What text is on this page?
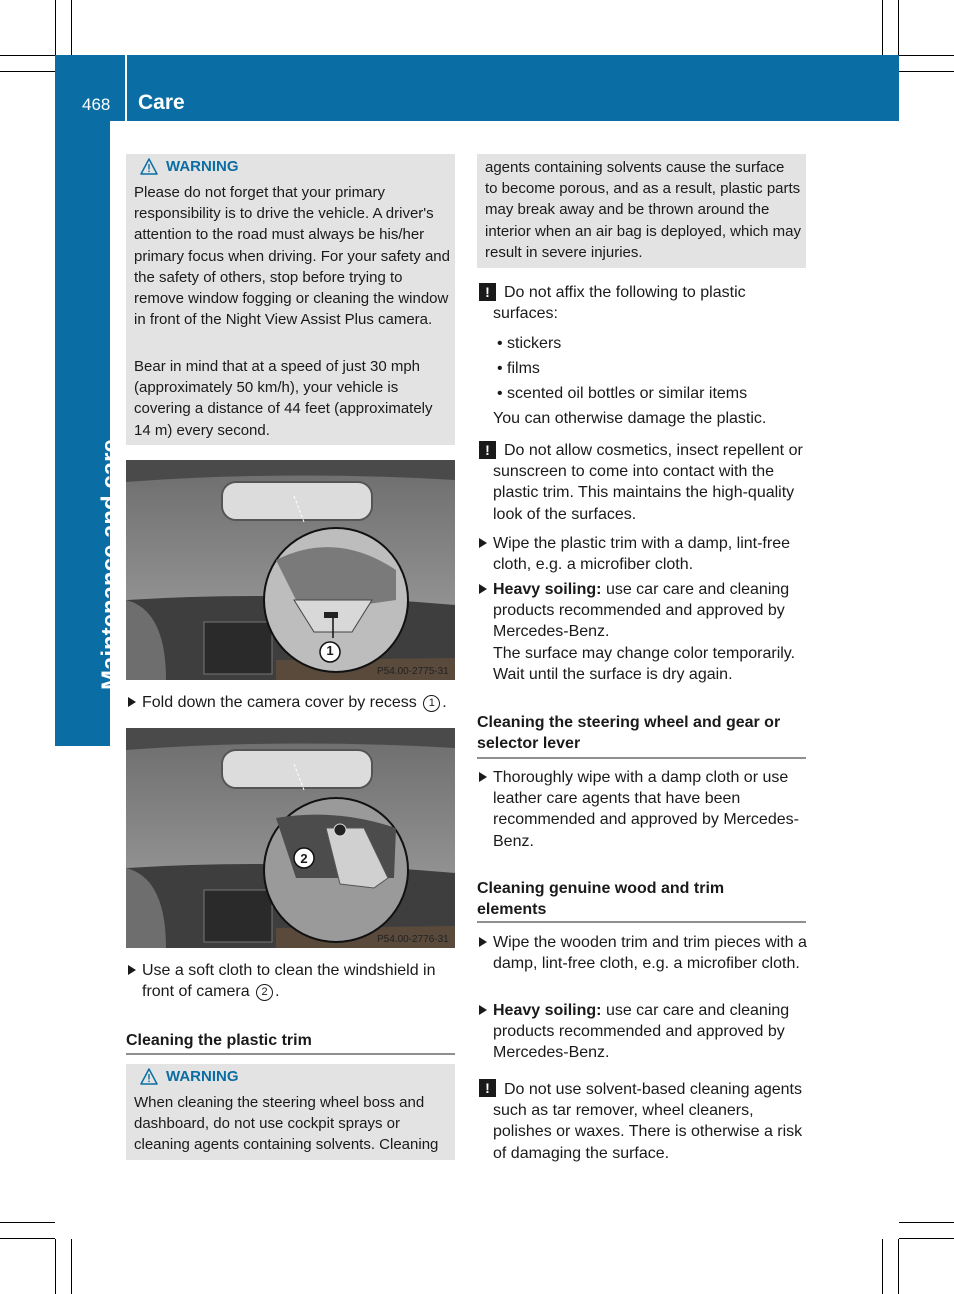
468 Care
Maintenance and care
WARNING

Please do not forget that your primary responsibility is to drive the vehicle. A driver's attention to the road must always be his/her primary focus when driving. For your safety and the safety of others, stop before trying to remove window fogging or cleaning the window in front of the Night View Assist Plus camera.

Bear in mind that at a speed of just 30 mph (approximately 50 km/h), your vehicle is covering a distance of 44 feet (approximately 14 m) every second.

P54.00-2775-31
1

Fold down the camera cover by recess 1 .

P54.00-2776-31
2

Use a soft cloth to clean the windshield in front of camera 2 .

Cleaning the plastic trim
WARNING

When cleaning the steering wheel boss and dashboard, do not use cockpit sprays or cleaning agents containing solvents. Cleaning

agents containing solvents cause the surface to become porous, and as a result, plastic parts may break away and be thrown around the interior when an air bag is deployed, which may result in severe injuries.

! Do not affix the following to plastic surfaces:

• stickers

• films

• scented oil bottles or similar items

You can otherwise damage the plastic.

! Do not allow cosmetics, insect repellent or sunscreen to come into contact with the plastic trim. This maintains the high-quality look of the surfaces.

Wipe the plastic trim with a damp, lint-free cloth, e.g. a microfiber cloth.

Heavy soiling: use car care and cleaning products recommended and approved by Mercedes-Benz.

The surface may change color temporarily. Wait until the surface is dry again.

Cleaning the steering wheel and gear or selector lever

Thoroughly wipe with a damp cloth or use leather care agents that have been recommended and approved by Mercedes-Benz.

Cleaning genuine wood and trim elements

Wipe the wooden trim and trim pieces with a damp, lint-free cloth, e.g. a microfiber cloth.

Heavy soiling: use car care and cleaning products recommended and approved by Mercedes-Benz.

! Do not use solvent-based cleaning agents such as tar remover, wheel cleaners, polishes or waxes. There is otherwise a risk of damaging the surface.
